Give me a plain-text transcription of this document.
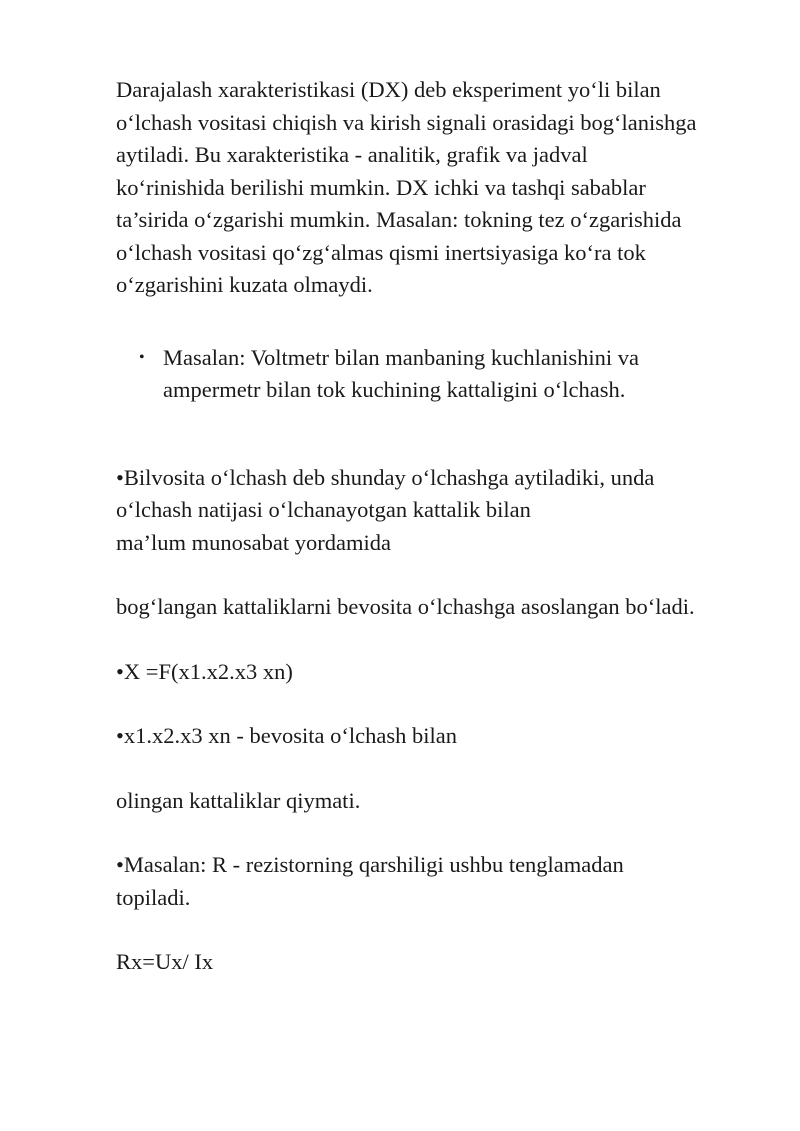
Darajalash xarakteristikasi (DX) deb eksperiment yo‘li bilan
o‘lchash vositasi chiqish va kirish signali orasidagi bog‘lanishga
aytiladi. Bu xarakteristika - analitik, grafik va jadval
ko‘rinishida berilishi mumkin. DX ichki va tashqi sabablar
ta’sirida o‘zgarishi mumkin. Masalan: tokning tez o‘zgarishida
o‘lchash vositasi qo‘zg‘almas qismi inertsiyasiga ko‘ra tok
o‘zgarishini kuzata olmaydi.
• Masalan: Voltmetr bilan manbaning kuchlanishini va
ampermetr bilan tok kuchining kattaligini o‘lchash.
•Bilvosita o‘lchash deb shunday o‘lchashga aytiladiki, unda
o‘lchash natijasi o‘lchanayotgan kattalik bilan
ma’lum munosabat yordamida
bog‘langan kattaliklarni bevosita o‘lchashga asoslangan bo‘ladi.
•X =F(x1.x2.x3 xn)
•x1.x2.x3 xn - bevosita o‘lchash bilan
olingan kattaliklar qiymati.
•Masalan: R - rezistorning qarshiligi ushbu tenglamadan
topiladi.
Rx=Ux/ Ix
